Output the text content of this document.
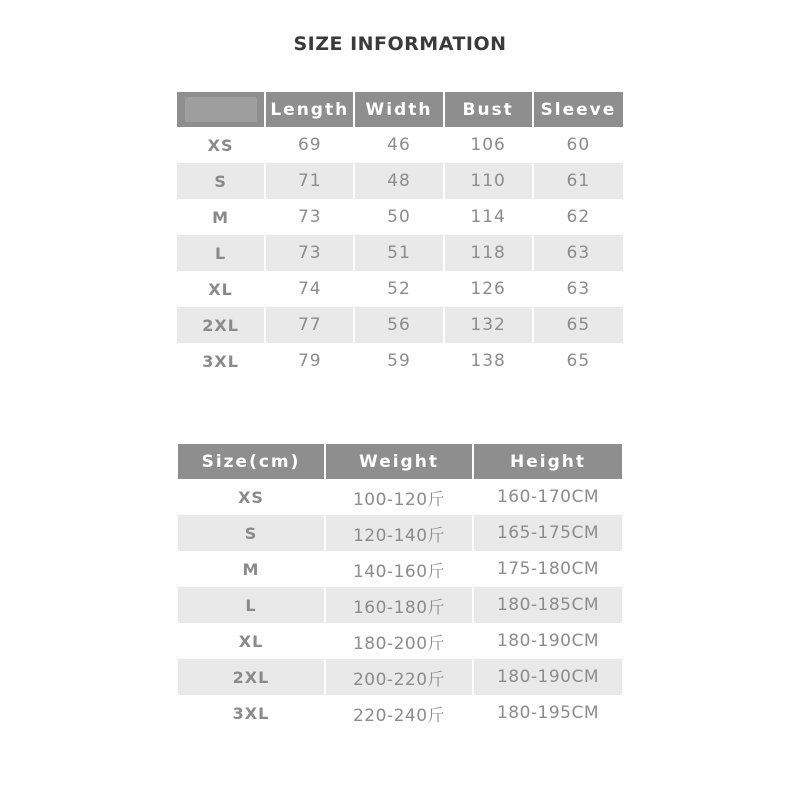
SIZE INFORMATION
	Length	Width	Bust	Sleeve
XS	69	46	106	60
S	71	48	110	61
M	73	50	114	62
L	73	51	118	63
XL	74	52	126	63
2XL	77	56	132	65
3XL	79	59	138	65
Size(cm)	Weight	Height
XS	100-120斤	160-170CM
S	120-140斤	165-175CM
M	140-160斤	175-180CM
L	160-180斤	180-185CM
XL	180-200斤	180-190CM
2XL	200-220斤	180-190CM
3XL	220-240斤	180-195CM
